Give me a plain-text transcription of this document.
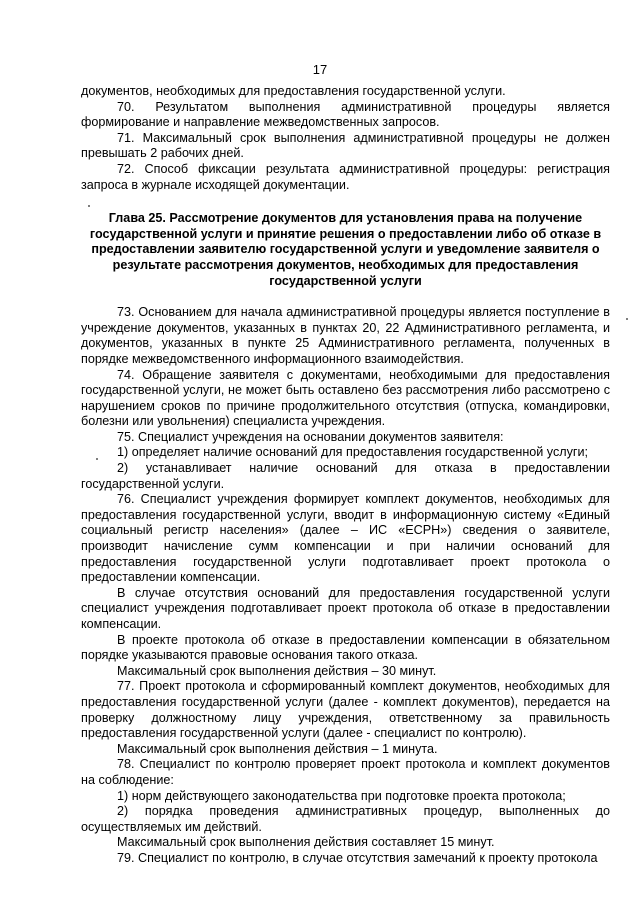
17

документов, необходимых для предоставления государственной услуги.

70. Результатом выполнения административной процедуры является формирование и направление межведомственных запросов.

71. Максимальный срок выполнения административной процедуры не должен превышать 2 рабочих дней.

72. Способ фиксации результата административной процедуры: регистрация запроса в журнале исходящей документации.

Глава 25. Рассмотрение документов для установления права на получение государственной услуги и принятие решения о предоставлении либо об отказе в предоставлении заявителю государственной услуги и уведомление заявителя о результате рассмотрения документов, необходимых для предоставления государственной услуги

73. Основанием для начала административной процедуры является поступление в учреждение документов, указанных в пунктах 20, 22 Административного регламента, и документов, указанных в пункте 25 Административного регламента, полученных в порядке межведомственного информационного взаимодействия.

74. Обращение заявителя с документами, необходимыми для предоставления государственной услуги, не может быть оставлено без рассмотрения либо рассмотрено с нарушением сроков по причине продолжительного отсутствия (отпуска, командировки, болезни или увольнения) специалиста учреждения.

75. Специалист учреждения на основании документов заявителя:

1) определяет наличие оснований для предоставления государственной услуги;

2) устанавливает наличие оснований для отказа в предоставлении государственной услуги.

76. Специалист учреждения формирует комплект документов, необходимых для предоставления государственной услуги, вводит в информационную систему «Единый социальный регистр населения» (далее – ИС «ЕСРН») сведения о заявителе, производит начисление сумм компенсации и при наличии оснований для предоставления государственной услуги подготавливает проект протокола о предоставлении компенсации.

В случае отсутствия оснований для предоставления государственной услуги специалист учреждения подготавливает проект протокола об отказе в предоставлении компенсации.

В проекте протокола об отказе в предоставлении компенсации в обязательном порядке указываются правовые основания такого отказа.

Максимальный срок выполнения действия – 30 минут.

77. Проект протокола и сформированный комплект документов, необходимых для предоставления государственной услуги (далее - комплект документов), передается на проверку должностному лицу учреждения, ответственному за правильность предоставления государственной услуги (далее - специалист по контролю).

Максимальный срок выполнения действия – 1 минута.

78. Специалист по контролю проверяет проект протокола и комплект документов на соблюдение:

1) норм действующего законодательства при подготовке проекта протокола;

2) порядка проведения административных процедур, выполненных до осуществляемых им действий.

Максимальный срок выполнения действия составляет 15 минут.

79. Специалист по контролю, в случае отсутствия замечаний к проекту протокола
